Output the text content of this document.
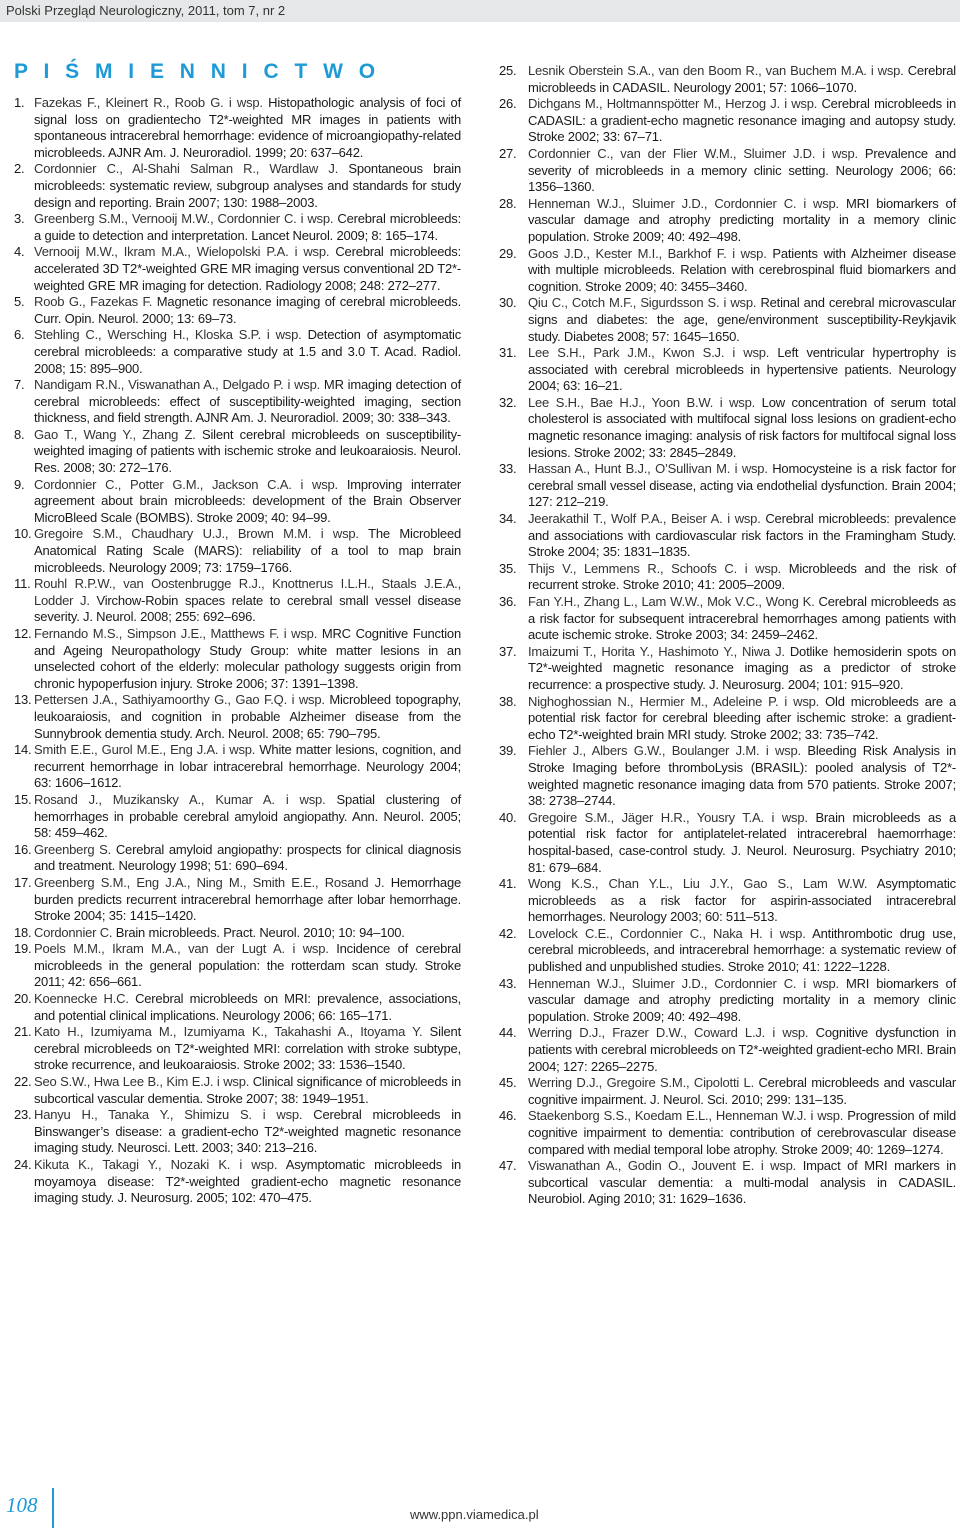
Polski Przegląd Neurologiczny, 2011, tom 7, nr 2
P I Ś M I E N N I C T W O
1. Fazekas F., Kleinert R., Roob G. i wsp. Histopathologic analysis of foci of signal loss on gradientecho T2*-weighted MR images in patients with spontaneous intracerebral hemorrhage: evidence of microangiopathy-related microbleeds. AJNR Am. J. Neuroradiol. 1999; 20: 637–642.
2. Cordonnier C., Al-Shahi Salman R., Wardlaw J. Spontaneous brain microbleeds: systematic review, subgroup analyses and standards for study design and reporting. Brain 2007; 130: 1988–2003.
3. Greenberg S.M., Vernooij M.W., Cordonnier C. i wsp. Cerebral microbleeds: a guide to detection and interpretation. Lancet Neurol. 2009; 8: 165–174.
4. Vernooij M.W., Ikram M.A., Wielopolski P.A. i wsp. Cerebral microbleeds: accelerated 3D T2*-weighted GRE MR imaging versus conventional 2D T2*-weighted GRE MR imaging for detection. Radiology 2008; 248: 272–277.
5. Roob G., Fazekas F. Magnetic resonance imaging of cerebral microbleeds. Curr. Opin. Neurol. 2000; 13: 69–73.
6. Stehling C., Wersching H., Kloska S.P. i wsp. Detection of asymptomatic cerebral microbleeds: a comparative study at 1.5 and 3.0 T. Acad. Radiol. 2008; 15: 895–900.
7. Nandigam R.N., Viswanathan A., Delgado P. i wsp. MR imaging detection of cerebral microbleeds: effect of susceptibility-weighted imaging, section thickness, and field strength. AJNR Am. J. Neuroradiol. 2009; 30: 338–343.
8. Gao T., Wang Y., Zhang Z. Silent cerebral microbleeds on susceptibility-weighted imaging of patients with ischemic stroke and leukoaraiosis. Neurol. Res. 2008; 30: 272–176.
9. Cordonnier C., Potter G.M., Jackson C.A. i wsp. Improving interrater agreement about brain microbleeds: development of the Brain Observer MicroBleed Scale (BOMBS). Stroke 2009; 40: 94–99.
10. Gregoire S.M., Chaudhary U.J., Brown M.M. i wsp. The Microbleed Anatomical Rating Scale (MARS): reliability of a tool to map brain microbleeds. Neurology 2009; 73: 1759–1766.
11. Rouhl R.P.W., van Oostenbrugge R.J., Knottnerus I.L.H., Staals J.E.A., Lodder J. Virchow-Robin spaces relate to cerebral small vessel disease severity. J. Neurol. 2008; 255: 692–696.
12. Fernando M.S., Simpson J.E., Matthews F. i wsp. MRC Cognitive Function and Ageing Neuropathology Study Group: white matter lesions in an unselected cohort of the elderly: molecular pathology suggests origin from chronic hypoperfusion injury. Stroke 2006; 37: 1391–1398.
13. Pettersen J.A., Sathiyamoorthy G., Gao F.Q. i wsp. Microbleed topography, leukoaraiosis, and cognition in probable Alzheimer disease from the Sunnybrook dementia study. Arch. Neurol. 2008; 65: 790–795.
14. Smith E.E., Gurol M.E., Eng J.A. i wsp. White matter lesions, cognition, and recurrent hemorrhage in lobar intracerebral hemorrhage. Neurology 2004; 63: 1606–1612.
15. Rosand J., Muzikansky A., Kumar A. i wsp. Spatial clustering of hemorrhages in probable cerebral amyloid angiopathy. Ann. Neurol. 2005; 58: 459–462.
16. Greenberg S. Cerebral amyloid angiopathy: prospects for clinical diagnosis and treatment. Neurology 1998; 51: 690–694.
17. Greenberg S.M., Eng J.A., Ning M., Smith E.E., Rosand J. Hemorrhage burden predicts recurrent intracerebral hemorrhage after lobar hemorrhage. Stroke 2004; 35: 1415–1420.
18. Cordonnier C. Brain microbleeds. Pract. Neurol. 2010; 10: 94–100.
19. Poels M.M., Ikram M.A., van der Lugt A. i wsp. Incidence of cerebral microbleeds in the general population: the rotterdam scan study. Stroke 2011; 42: 656–661.
20. Koennecke H.C. Cerebral microbleeds on MRI: prevalence, associations, and potential clinical implications. Neurology 2006; 66: 165–171.
21. Kato H., Izumiyama M., Izumiyama K., Takahashi A., Itoyama Y. Silent cerebral microbleeds on T2*-weighted MRI: correlation with stroke subtype, stroke recurrence, and leukoaraiosis. Stroke 2002; 33: 1536–1540.
22. Seo S.W., Hwa Lee B., Kim E.J. i wsp. Clinical significance of microbleeds in subcortical vascular dementia. Stroke 2007; 38: 1949–1951.
23. Hanyu H., Tanaka Y., Shimizu S. i wsp. Cerebral microbleeds in Binswanger’s disease: a gradient-echo T2*-weighted magnetic resonance imaging study. Neurosci. Lett. 2003; 340: 213–216.
24. Kikuta K., Takagi Y., Nozaki K. i wsp. Asymptomatic microbleeds in moyamoya disease: T2*-weighted gradient-echo magnetic resonance imaging study. J. Neurosurg. 2005; 102: 470–475.
25. Lesnik Oberstein S.A., van den Boom R., van Buchem M.A. i wsp. Cerebral microbleeds in CADASIL. Neurology 2001; 57: 1066–1070.
26. Dichgans M., Holtmannspötter M., Herzog J. i wsp. Cerebral microbleeds in CADASIL: a gradient-echo magnetic resonance imaging and autopsy study. Stroke 2002; 33: 67–71.
27. Cordonnier C., van der Flier W.M., Sluimer J.D. i wsp. Prevalence and severity of microbleeds in a memory clinic setting. Neurology 2006; 66: 1356–1360.
28. Henneman W.J., Sluimer J.D., Cordonnier C. i wsp. MRI biomarkers of vascular damage and atrophy predicting mortality in a memory clinic population. Stroke 2009; 40: 492–498.
29. Goos J.D., Kester M.I., Barkhof F. i wsp. Patients with Alzheimer disease with multiple microbleeds. Relation with cerebrospinal fluid biomarkers and cognition. Stroke 2009; 40: 3455–3460.
30. Qiu C., Cotch M.F., Sigurdsson S. i wsp. Retinal and cerebral microvascular signs and diabetes: the age, gene/environment susceptibility-Reykjavik study. Diabetes 2008; 57: 1645–1650.
31. Lee S.H., Park J.M., Kwon S.J. i wsp. Left ventricular hypertrophy is associated with cerebral microbleeds in hypertensive patients. Neurology 2004; 63: 16–21.
32. Lee S.H., Bae H.J., Yoon B.W. i wsp. Low concentration of serum total cholesterol is associated with multifocal signal loss lesions on gradient-echo magnetic resonance imaging: analysis of risk factors for multifocal signal loss lesions. Stroke 2002; 33: 2845–2849.
33. Hassan A., Hunt B.J., O’Sullivan M. i wsp. Homocysteine is a risk factor for cerebral small vessel disease, acting via endothelial dysfunction. Brain 2004; 127: 212–219.
34. Jeerakathil T., Wolf P.A., Beiser A. i wsp. Cerebral microbleeds: prevalence and associations with cardiovascular risk factors in the Framingham Study. Stroke 2004; 35: 1831–1835.
35. Thijs V., Lemmens R., Schoofs C. i wsp. Microbleeds and the risk of recurrent stroke. Stroke 2010; 41: 2005–2009.
36. Fan Y.H., Zhang L., Lam W.W., Mok V.C., Wong K. Cerebral microbleeds as a risk factor for subsequent intracerebral hemorrhages among patients with acute ischemic stroke. Stroke 2003; 34: 2459–2462.
37. Imaizumi T., Horita Y., Hashimoto Y., Niwa J. Dotlike hemosiderin spots on T2*-weighted magnetic resonance imaging as a predictor of stroke recurrence: a prospective study. J. Neurosurg. 2004; 101: 915–920.
38. Nighoghossian N., Hermier M., Adeleine P. i wsp. Old microbleeds are a potential risk factor for cerebral bleeding after ischemic stroke: a gradient-echo T2*-weighted brain MRI study. Stroke 2002; 33: 735–742.
39. Fiehler J., Albers G.W., Boulanger J.M. i wsp. Bleeding Risk Analysis in Stroke Imaging before thromboLysis (BRASIL): pooled analysis of T2*-weighted magnetic resonance imaging data from 570 patients. Stroke 2007; 38: 2738–2744.
40. Gregoire S.M., Jäger H.R., Yousry T.A. i wsp. Brain microbleeds as a potential risk factor for antiplatelet-related intracerebral haemorrhage: hospital-based, case-control study. J. Neurol. Neurosurg. Psychiatry 2010; 81: 679–684.
41. Wong K.S., Chan Y.L., Liu J.Y., Gao S., Lam W.W. Asymptomatic microbleeds as a risk factor for aspirin-associated intracerebral hemorrhages. Neurology 2003; 60: 511–513.
42. Lovelock C.E., Cordonnier C., Naka H. i wsp. Antithrombotic drug use, cerebral microbleeds, and intracerebral hemorrhage: a systematic review of published and unpublished studies. Stroke 2010; 41: 1222–1228.
43. Henneman W.J., Sluimer J.D., Cordonnier C. i wsp. MRI biomarkers of vascular damage and atrophy predicting mortality in a memory clinic population. Stroke 2009; 40: 492–498.
44. Werring D.J., Frazer D.W., Coward L.J. i wsp. Cognitive dysfunction in patients with cerebral microbleeds on T2*-weighted gradient-echo MRI. Brain 2004; 127: 2265–2275.
45. Werring D.J., Gregoire S.M., Cipolotti L. Cerebral microbleeds and vascular cognitive impairment. J. Neurol. Sci. 2010; 299: 131–135.
46. Staekenborg S.S., Koedam E.L., Henneman W.J. i wsp. Progression of mild cognitive impairment to dementia: contribution of cerebrovascular disease compared with medial temporal lobe atrophy. Stroke 2009; 40: 1269–1274.
47. Viswanathan A., Godin O., Jouvent E. i wsp. Impact of MRI markers in subcortical vascular dementia: a multi-modal analysis in CADASIL. Neurobiol. Aging 2010; 31: 1629–1636.
108	www.ppn.viamedica.pl
